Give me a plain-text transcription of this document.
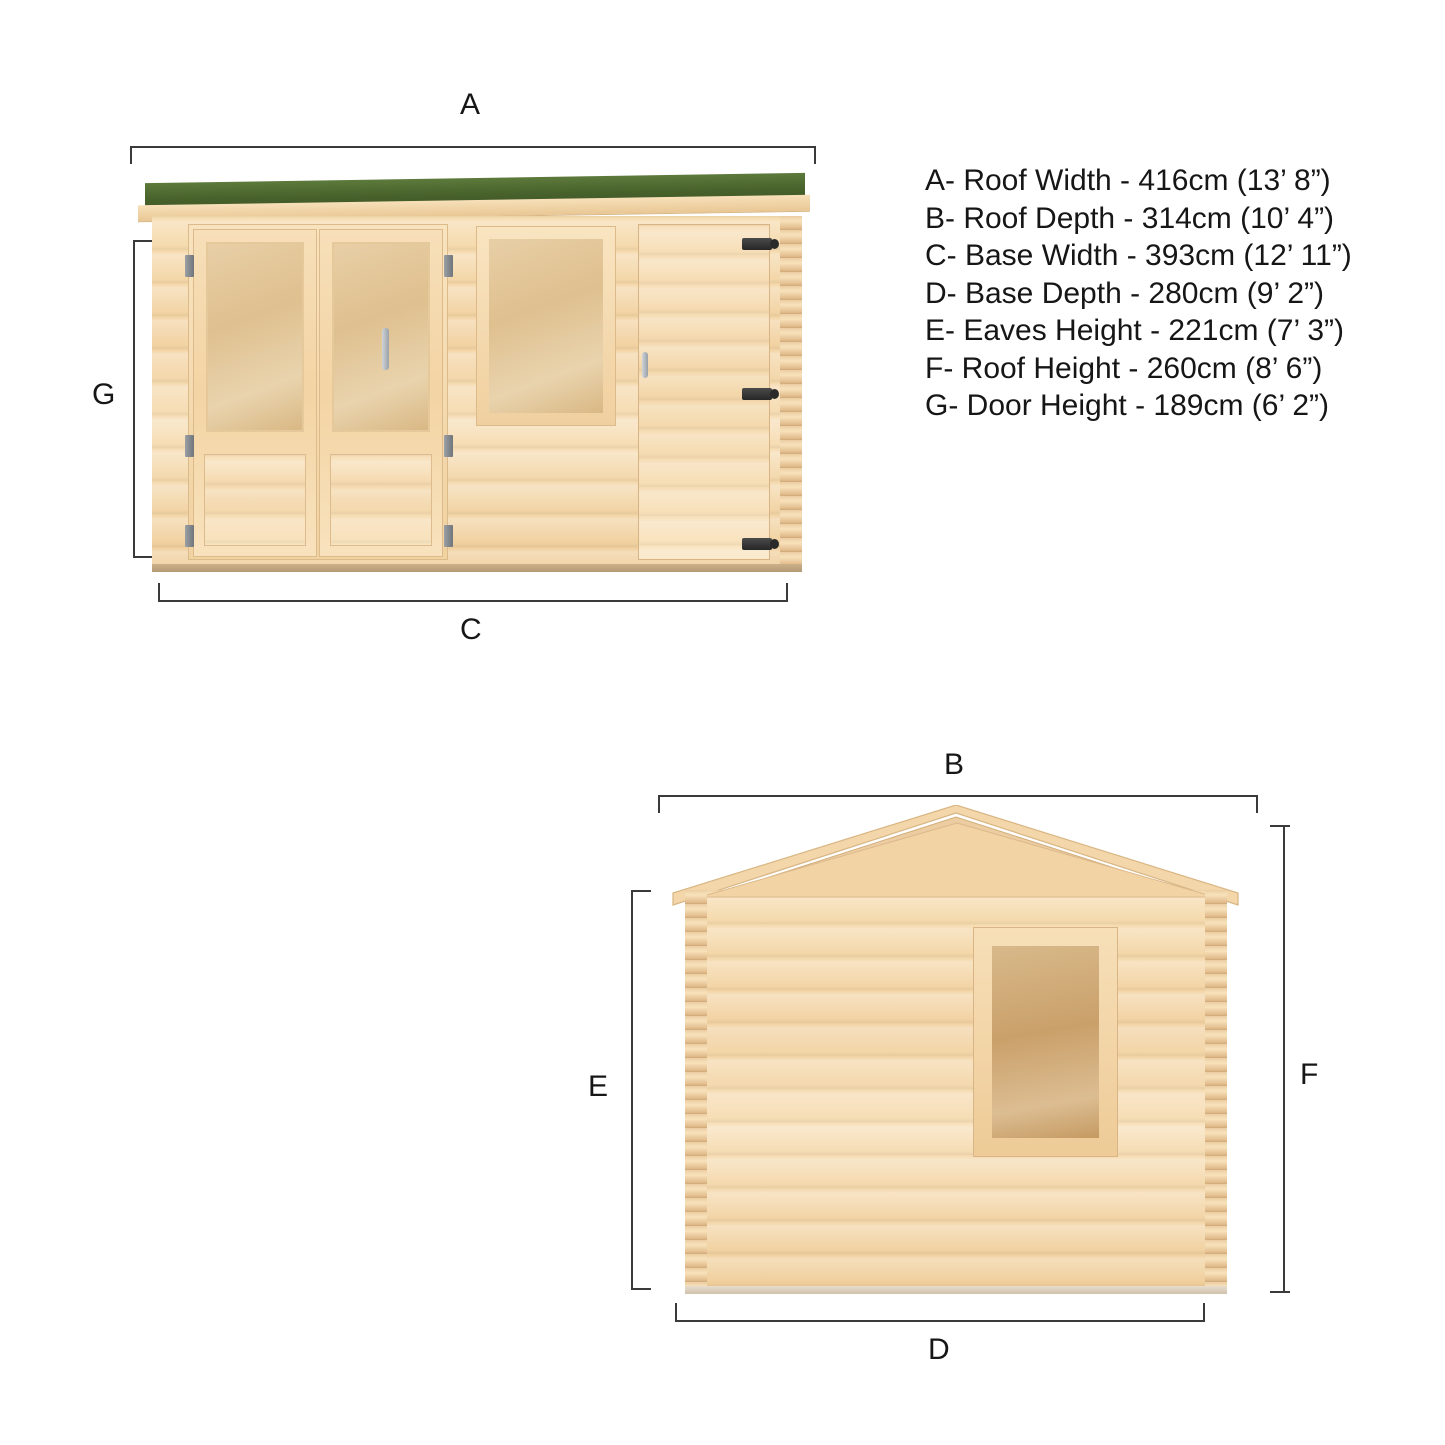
A
C
G
A- Roof Width - 416cm (13’ 8”)
B- Roof Depth - 314cm (10’ 4”)
C- Base Width - 393cm (12’ 11”)
D- Base Depth - 280cm (9’ 2”)
E- Eaves Height - 221cm (7’ 3”)
F- Roof Height - 260cm (8’ 6”)
G- Door Height - 189cm (6’ 2”)
B
D
E	F
